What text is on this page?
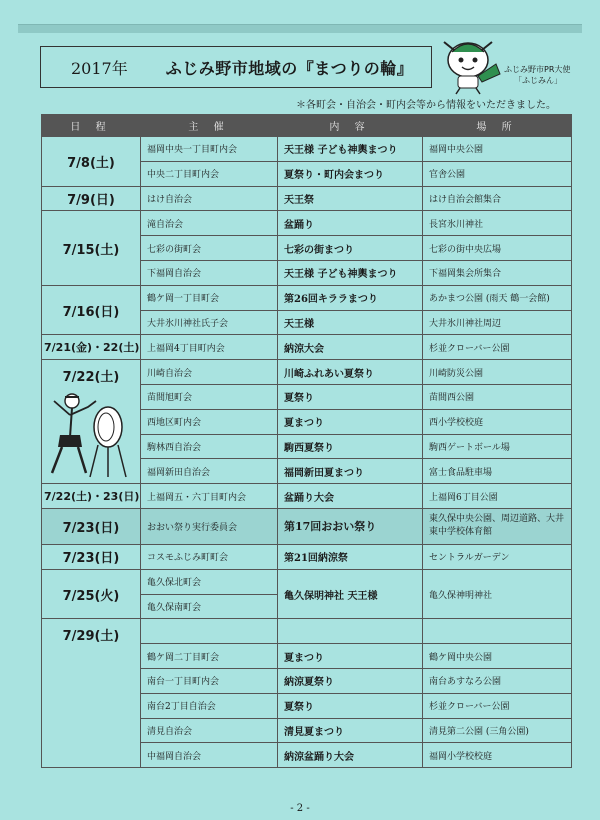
2017年 ふじみ野市地域の『まつりの輪』	ふじみ野市PR大使
「ふじみん」
＊各町会・自治会・町内会等から情報をいただきました。
日 程	主 催	内 容	場 所
7/8(土)	福岡中央一丁目町内会	天王様 子ども神輿まつり	福岡中央公園
	中央二丁目町内会	夏祭り・町内会まつり	官舎公園
7/9(日)	はけ自治会	天王祭	はけ自治会館集合
7/15(土)	滝自治会	盆踊り	長宮氷川神社
	七彩の街町会	七彩の街まつり	七彩の街中央広場
	下福岡自治会	天王様 子ども神輿まつり	下福岡集会所集合
7/16(日)	鶴ケ岡一丁目町会	第26回キララまつり	あかまつ公園 (雨天 鶴一会館)
	大井氷川神社氏子会	天王様	大井氷川神社周辺
7/21(金)・22(土)	上福岡4丁目町内会	納涼大会	杉並クローバー公園

7/22(土)	川崎自治会	川崎ふれあい夏祭り	川崎防災公園
	苗間旭町会	夏祭り	苗間西公園
	西地区町内会	夏まつり	西小学校校庭
	駒林西自治会	駒西夏祭り	駒西ゲートボール場
	福岡新田自治会	福岡新田夏まつり	富士食品駐車場
7/22(土)・23(日)	上福岡五・六丁目町内会	盆踊り大会	上福岡6丁目公園
7/23(日)	おおい祭り実行委員会	第17回おおい祭り	東久保中央公園、周辺道路、大井東中学校体育館
7/23(日)	コスモふじみ町町会	第21回納涼祭	セントラルガーデン
7/25(火)	亀久保北町会	亀久保明神社 天王様	亀久保神明神社
	亀久保南町会		
7/29(土)			
	鶴ケ岡二丁目町会	夏まつり	鶴ケ岡中央公園
	南台一丁目町内会	納涼夏祭り	南台あすなろ公園
	南台2丁目自治会	夏祭り	杉並クローバー公園
	清見自治会	清見夏まつり	清見第二公園 (三角公園)
	中福岡自治会	納涼盆踊り大会	福岡小学校校庭
- 2 -
